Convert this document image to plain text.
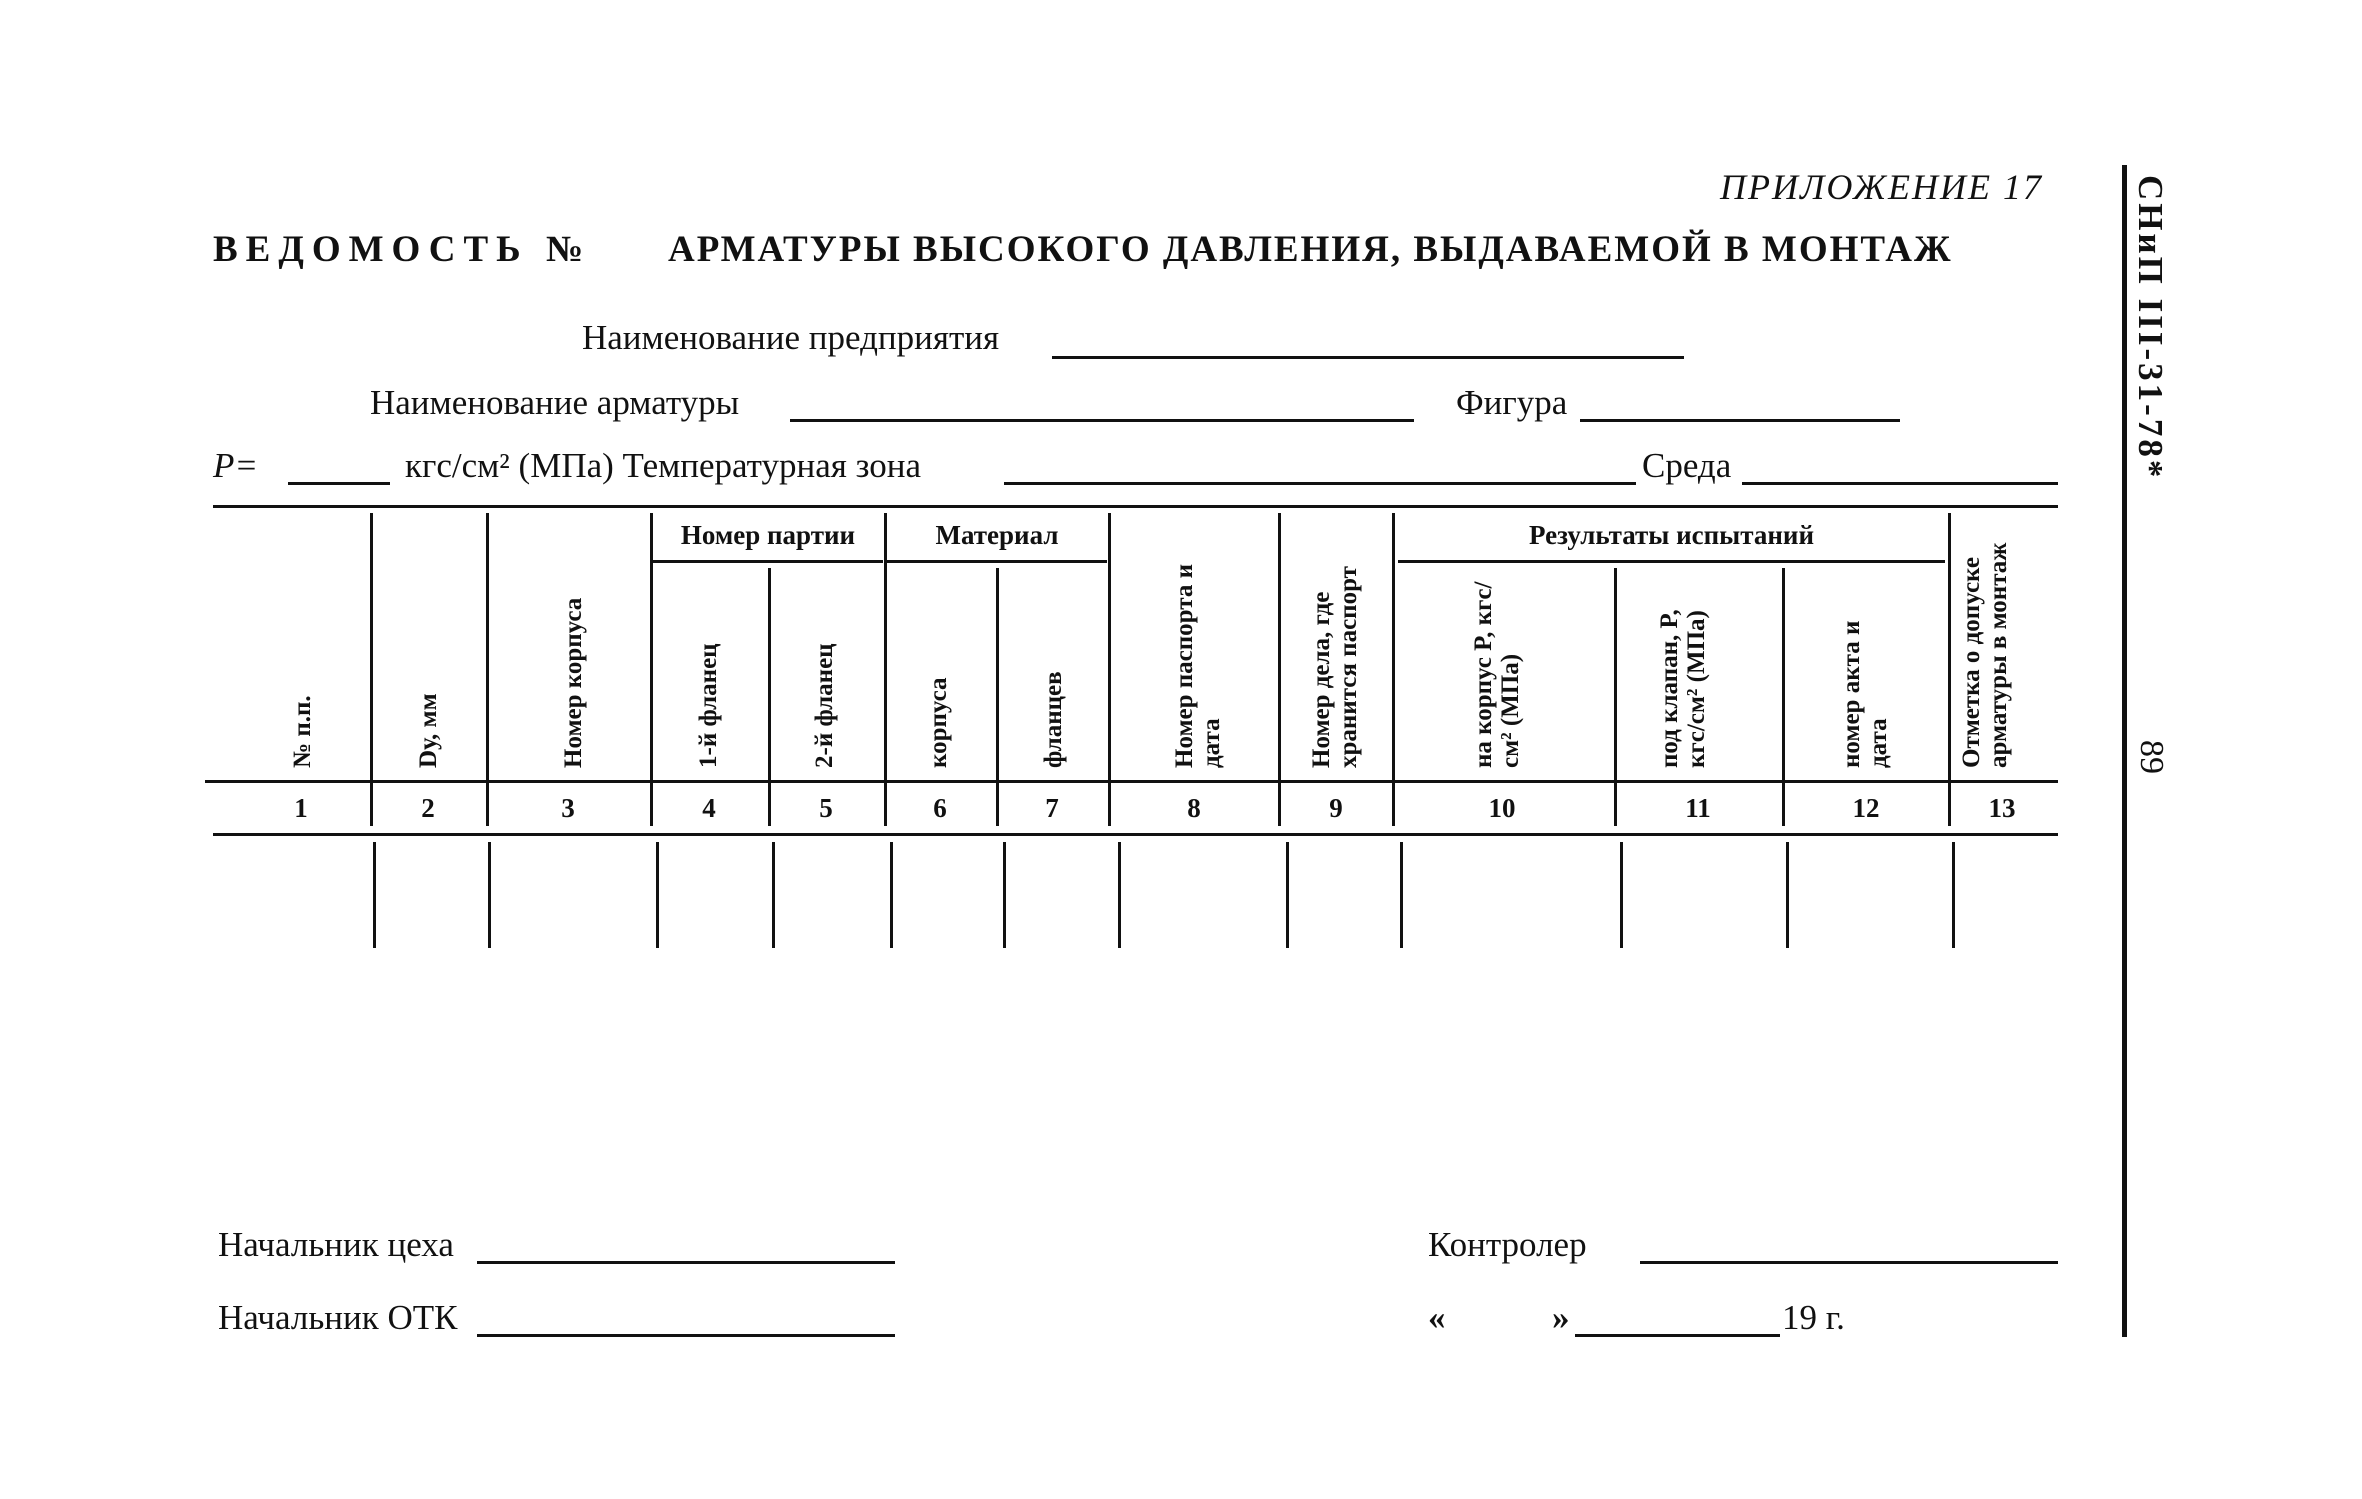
ПРИЛОЖЕНИЕ 17
ВЕДОМОСТЬ № АРМАТУРЫ ВЫСОКОГО ДАВЛЕНИЯ, ВЫДАВАЕМОЙ В МОНТАЖ	СНиП III-31-78*
89
Наименование предприятия
Наименование арматуры	Фигура
P=	кгс/см² (МПа) Температурная зона	Среда
Номер партии	Материал	Результаты испытаний
№ п.п.	Dу, мм	Номер корпуса	1-й фланец	2-й фланец	корпуса	фланцев	Номер паспорта и дата	Номер дела, где хранится паспорт	на корпус P, кгс/см² (МПа)	под клапан, P, кгс/см² (МПа)	номер акта и дата	Отметка о допуске арматуры в монтаж
1	2	3	4	5	6	7	8	9	10	11	12	13
Начальник цеха
Начальник ОТК
Контролер
«	»	19 г.
